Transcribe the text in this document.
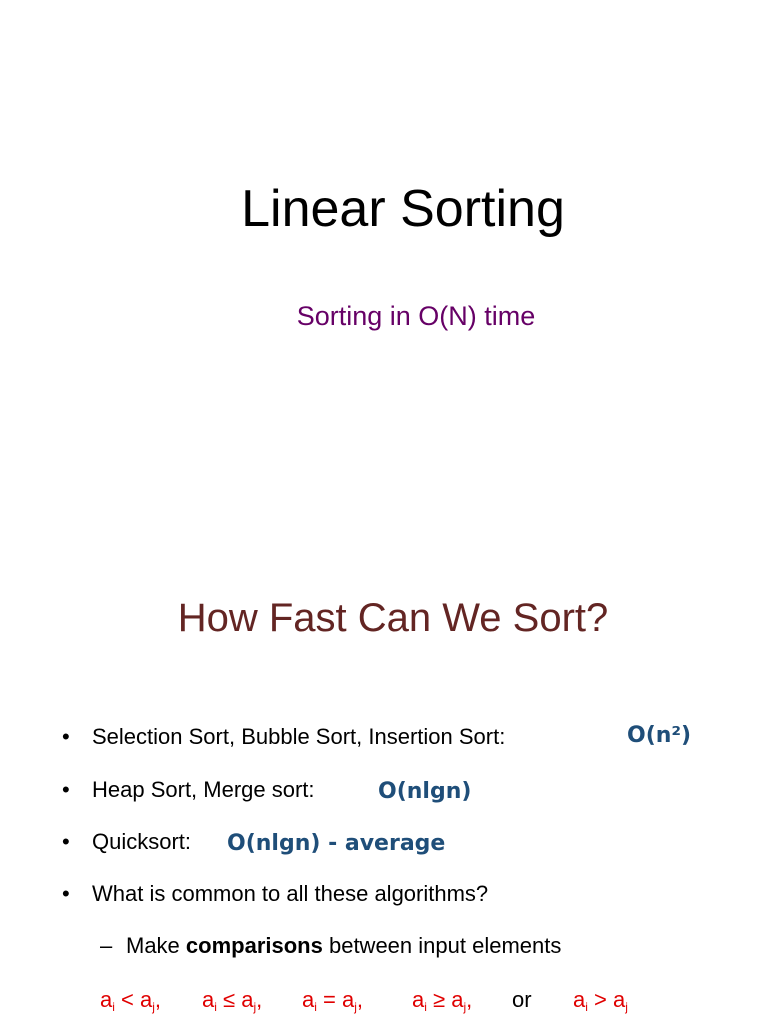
Linear Sorting
Sorting in O(N) time
How Fast Can We Sort?
• Selection Sort, Bubble Sort, Insertion Sort:	O(n²)
• Heap Sort, Merge sort:	O(nlgn)
• Quicksort: O(nlgn) - average
• What is common to all these algorithms?
– Make comparisons between input elements
$a_i < a_j$, $a_i \le a_j$, $a_i = a_j$, $a_i \ge a_j$, or $a_i > a_j$
